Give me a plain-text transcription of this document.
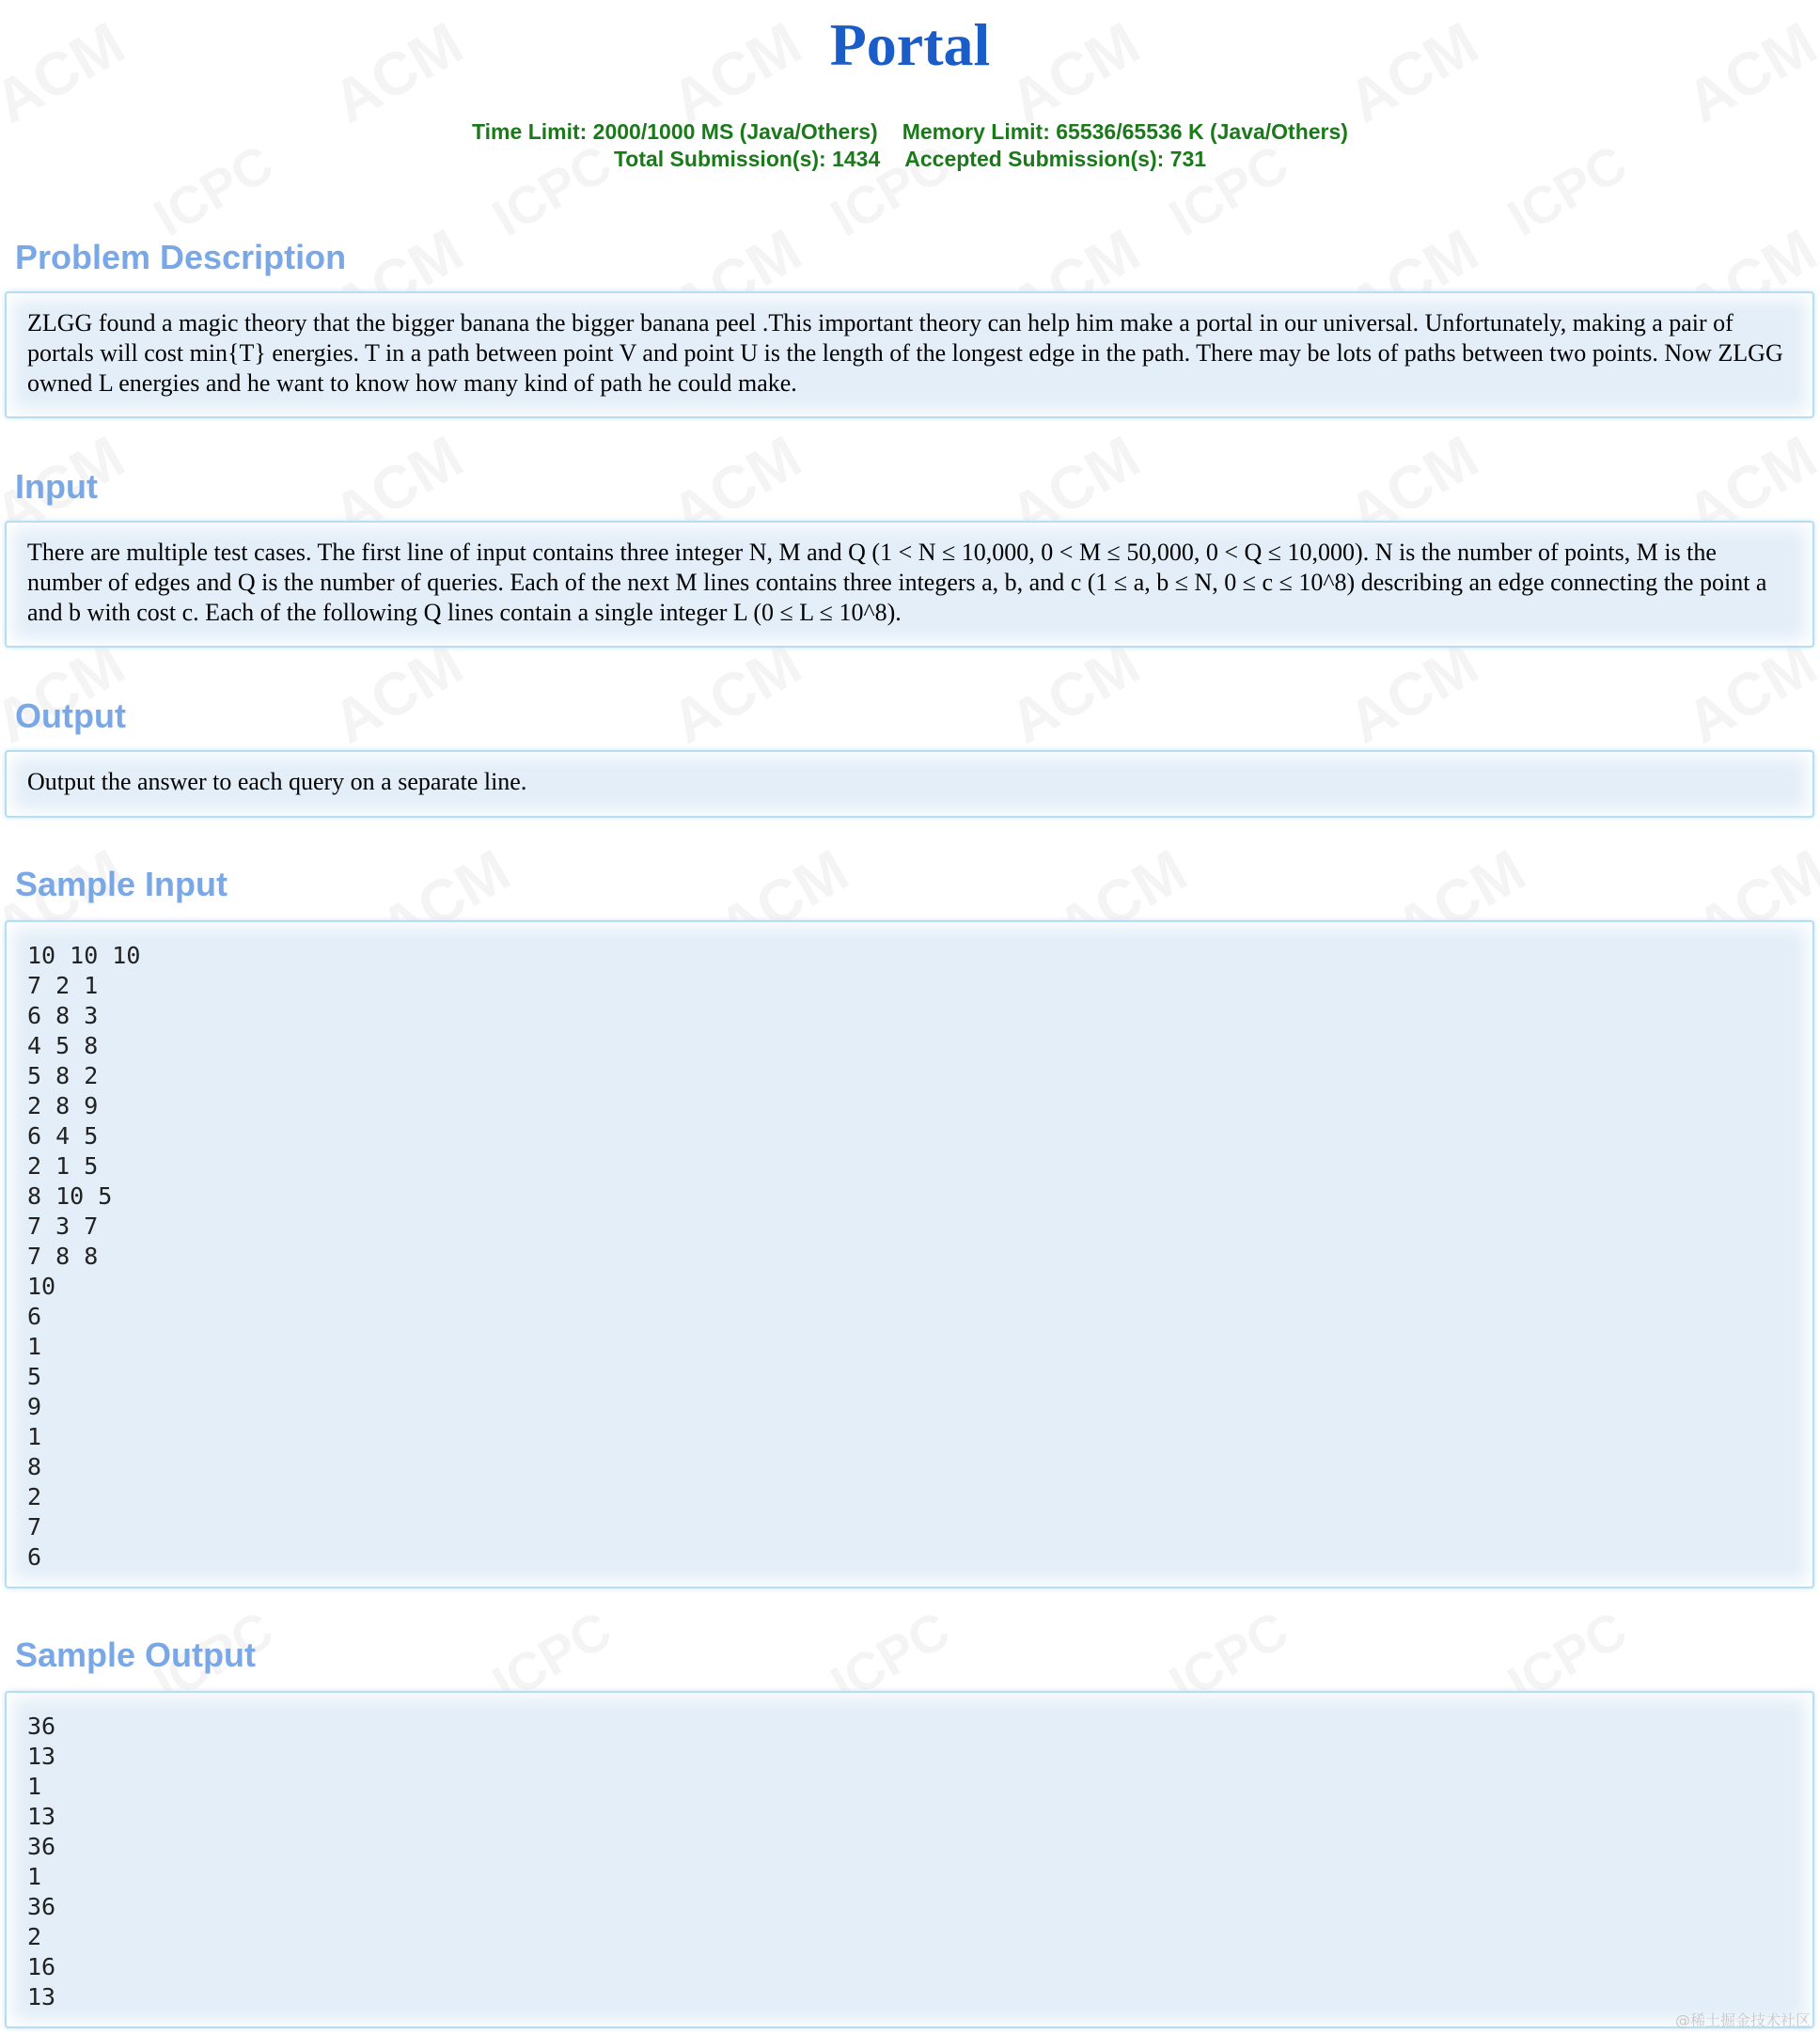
Portal
Time Limit: 2000/1000 MS (Java/Others) Memory Limit: 65536/65536 K (Java/Others)
Total Submission(s): 1434 Accepted Submission(s): 731
Problem Description

ZLGG found a magic theory that the bigger banana the bigger banana peel .This important theory can help him make a portal in our universal. Unfortunately, making a pair of portals will cost min{T} energies. T in a path between point V and point U is the length of the longest edge in the path. There may be lots of paths between two points. Now ZLGG owned L energies and he want to know how many kind of path he could make.

Input

There are multiple test cases. The first line of input contains three integer N, M and Q (1 < N ≤ 10,000, 0 < M ≤ 50,000, 0 < Q ≤ 10,000). N is the number of points, M is the number of edges and Q is the number of queries. Each of the next M lines contains three integers a, b, and c (1 ≤ a, b ≤ N, 0 ≤ c ≤ 10^8) describing an edge connecting the point a and b with cost c. Each of the following Q lines contain a single integer L (0 ≤ L ≤ 10^8).

Output

Output the answer to each query on a separate line.

Sample Input
10 10 10
7 2 1
6 8 3
4 5 8
5 8 2
2 8 9
6 4 5
2 1 5
8 10 5
7 3 7
7 8 8
10
6
1
5
9
1
8
2
7
6
Sample Output
36
13
1
13
36
1
36
2
16
13
@稀土掘金技术社区
